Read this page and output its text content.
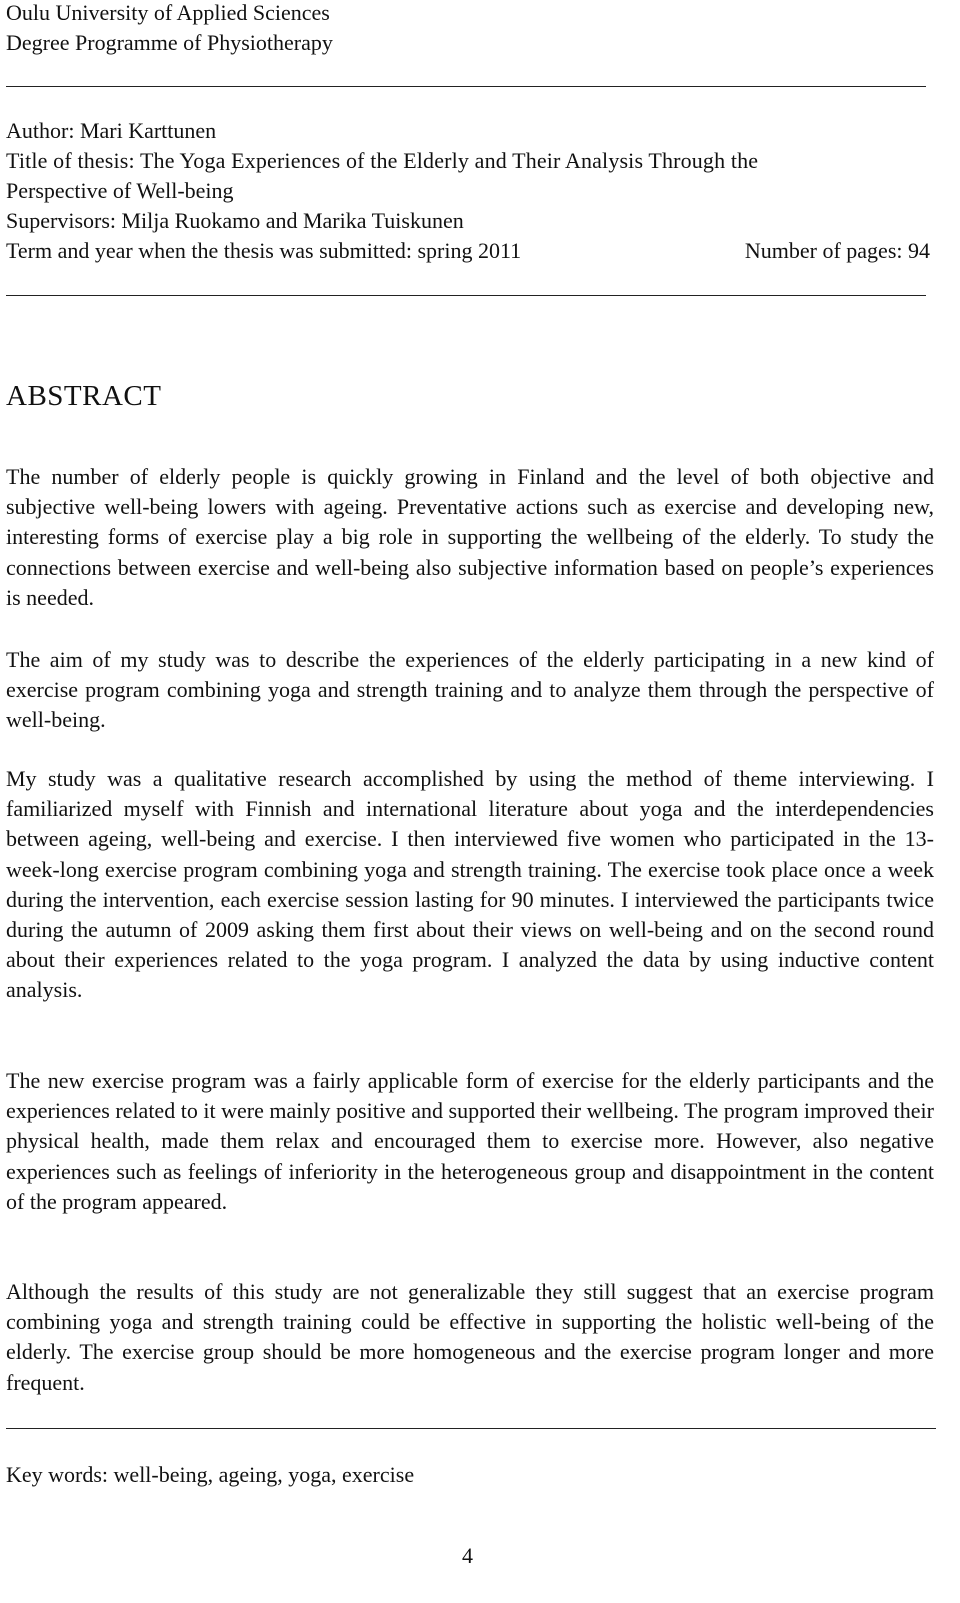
Oulu University of Applied Sciences
Degree Programme of Physiotherapy
Author: Mari Karttunen
Title of thesis: The Yoga Experiences of the Elderly and Their Analysis Through the
Perspective of Well-being
Supervisors: Milja Ruokamo and Marika Tuiskunen
Term and year when the thesis was submitted: spring 2011	Number of pages: 94
ABSTRACT
The number of elderly people is quickly growing in Finland and the level of both objective and subjective well-being lowers with ageing. Preventative actions such as exercise and developing new, interesting forms of exercise play a big role in supporting the wellbeing of the elderly. To study the connections between exercise and well-being also subjective information based on people’s experiences is needed.
The aim of my study was to describe the experiences of the elderly participating in a new kind of exercise program combining yoga and strength training and to analyze them through the perspective of well-being.
My study was a qualitative research accomplished by using the method of theme interviewing. I familiarized myself with Finnish and international literature about yoga and the interdependencies between ageing, well-being and exercise. I then interviewed five women who participated in the 13-week-long exercise program combining yoga and strength training. The exercise took place once a week during the intervention, each exercise session lasting for 90 minutes. I interviewed the participants twice during the autumn of 2009 asking them first about their views on well-being and on the second round about their experiences related to the yoga program. I analyzed the data by using inductive content analysis.
The new exercise program was a fairly applicable form of exercise for the elderly participants and the experiences related to it were mainly positive and supported their wellbeing. The program improved their physical health, made them relax and encouraged them to exercise more. However, also negative experiences such as feelings of inferiority in the heterogeneous group and disappointment in the content of the program appeared.
Although the results of this study are not generalizable they still suggest that an exercise program combining yoga and strength training could be effective in supporting the holistic well-being of the elderly. The exercise group should be more homogeneous and the exercise program longer and more frequent.
Key words: well-being, ageing, yoga, exercise
4
